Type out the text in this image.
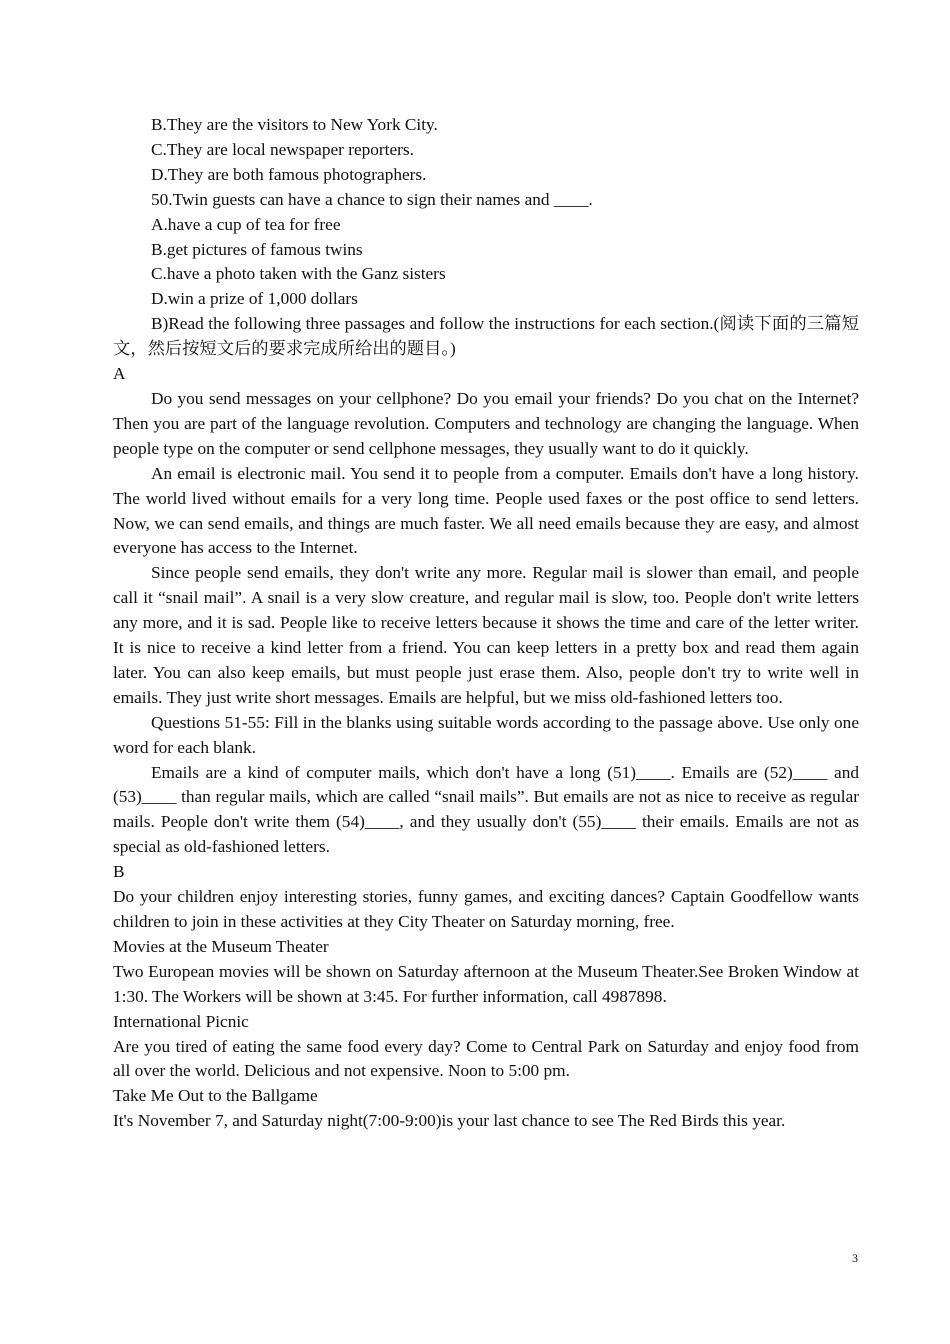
B.They are the visitors to New York City.

C.They are local newspaper reporters.

D.They are both famous photographers.

50.Twin guests can have a chance to sign their names and ____.

A.have a cup of tea for free

B.get pictures of famous twins

C.have a photo taken with the Ganz sisters

D.win a prize of 1,000 dollars

B)Read the following three passages and follow the instructions for each section.(阅读下面的三篇短文，然后按短文后的要求完成所给出的题目。)

A

Do you send messages on your cellphone? Do you email your friends? Do you chat on the Internet? Then you are part of the language revolution. Computers and technology are changing the language. When people type on the computer or send cellphone messages, they usually want to do it quickly.

An email is electronic mail. You send it to people from a computer. Emails don't have a long history. The world lived without emails for a very long time. People used faxes or the post office to send letters. Now, we can send emails, and things are much faster. We all need emails because they are easy, and almost everyone has access to the Internet.

Since people send emails, they don't write any more. Regular mail is slower than email, and people call it “snail mail”. A snail is a very slow creature, and regular mail is slow, too. People don't write letters any more, and it is sad. People like to receive letters because it shows the time and care of the letter writer. It is nice to receive a kind letter from a friend. You can keep letters in a pretty box and read them again later. You can also keep emails, but must people just erase them. Also, people don't try to write well in emails. They just write short messages. Emails are helpful, but we miss old-fashioned letters too.

Questions 51-55: Fill in the blanks using suitable words according to the passage above. Use only one word for each blank.

Emails are a kind of computer mails, which don't have a long (51)____. Emails are (52)____ and (53)____ than regular mails, which are called “snail mails”. But emails are not as nice to receive as regular mails. People don't write them (54)____, and they usually don't (55)____ their emails. Emails are not as special as old-fashioned letters.

B

Do your children enjoy interesting stories, funny games, and exciting dances? Captain Goodfellow wants children to join in these activities at they City Theater on Saturday morning, free.

Movies at the Museum Theater

Two European movies will be shown on Saturday afternoon at the Museum Theater.See Broken Window at 1:30. The Workers will be shown at 3:45. For further information, call 4987898.

International Picnic

Are you tired of eating the same food every day? Come to Central Park on Saturday and enjoy food from all over the world. Delicious and not expensive. Noon to 5:00 pm.

Take Me Out to the Ballgame

It's November 7, and Saturday night(7:00-9:00)is your last chance to see The Red Birds this year.

3
